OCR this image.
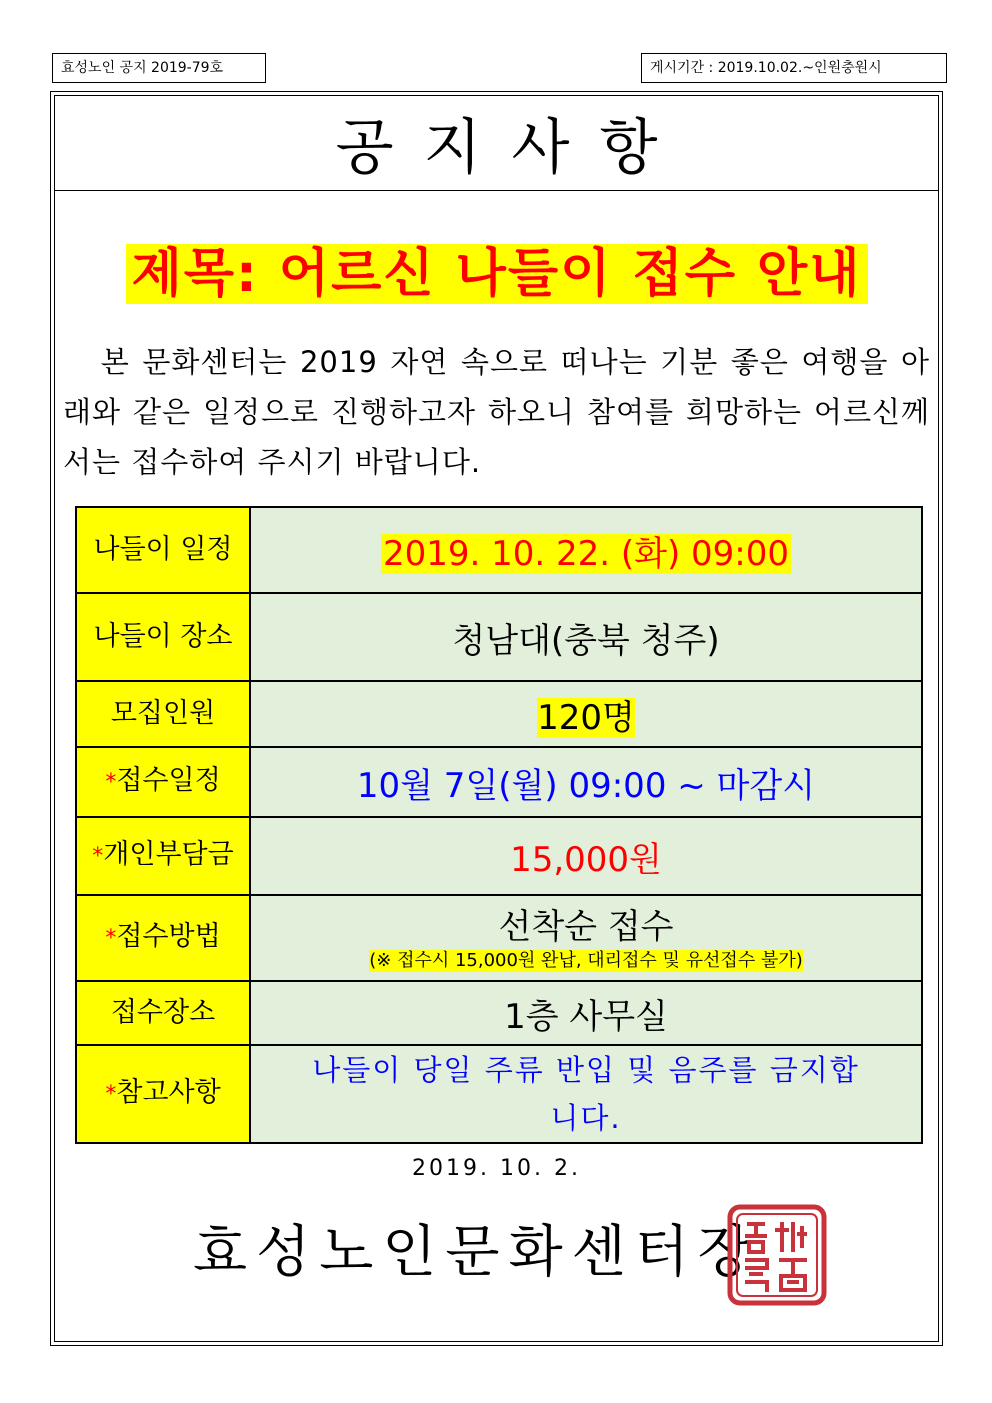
효성노인 공지 2019-79호	게시기간 : 2019.10.02.~인원충원시
공지사항
제목: 어르신 나들이 접수 안내
본 문화센터는 2019 자연 속으로 떠나는 기분 좋은 여행을 아래와 같은 일정으로 진행하고자 하오니 참여를 희망하는 어르신께서는 접수하여 주시기 바랍니다.
나들이 일정	2019. 10. 22. (화) 09:00
나들이 장소	청남대(충북 청주)
모집인원	120명
*접수일정	10월 7일(월) 09:00 ~ 마감시
*개인부담금	15,000원
*접수방법	선착순 접수
(※ 접수시 15,000원 완납, 대리접수 및 유선접수 불가)
접수장소	1층 사무실
*참고사항	나들이 당일 주류 반입 및 음주를 금지합니다.
2019. 10. 2.
효성노인문화센터장
